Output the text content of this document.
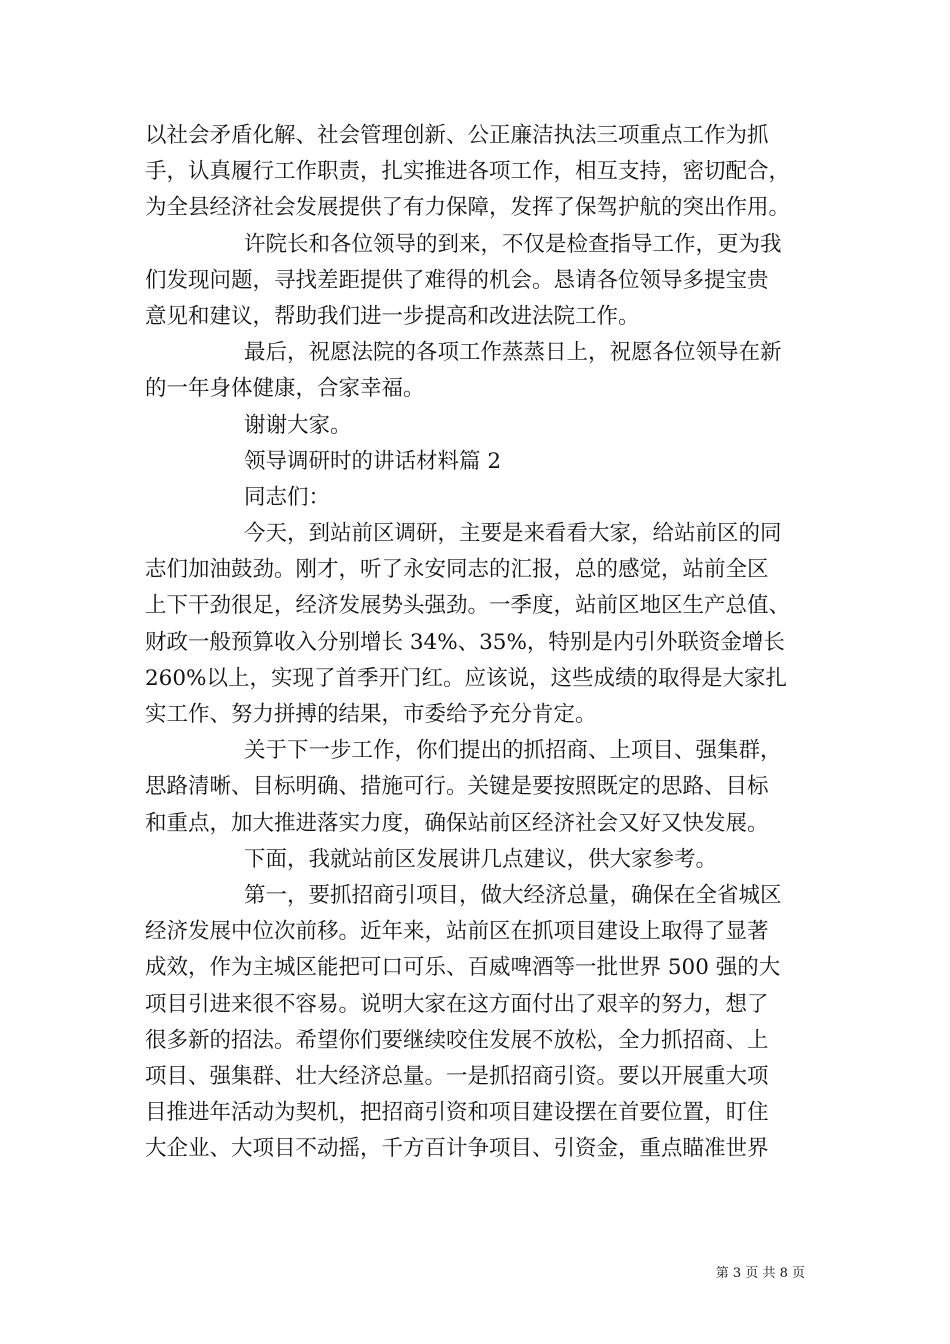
以社会矛盾化解、社会管理创新、公正廉洁执法三项重点工作为抓
手，认真履行工作职责，扎实推进各项工作，相互支持，密切配合，
为全县经济社会发展提供了有力保障，发挥了保驾护航的突出作用。
许院长和各位领导的到来，不仅是检查指导工作，更为我
们发现问题，寻找差距提供了难得的机会。恳请各位领导多提宝贵
意见和建议，帮助我们进一步提高和改进法院工作。
最后，祝愿法院的各项工作蒸蒸日上，祝愿各位领导在新
的一年身体健康，合家幸福。
谢谢大家。
领导调研时的讲话材料篇 2
同志们：
今天，到站前区调研，主要是来看看大家，给站前区的同
志们加油鼓劲。刚才，听了永安同志的汇报，总的感觉，站前全区
上下干劲很足，经济发展势头强劲。一季度，站前区地区生产总值、
财政一般预算收入分别增长 34%、35%，特别是内引外联资金增长
260%以上，实现了首季开门红。应该说，这些成绩的取得是大家扎
实工作、努力拼搏的结果，市委给予充分肯定。
关于下一步工作，你们提出的抓招商、上项目、强集群，
思路清晰、目标明确、措施可行。关键是要按照既定的思路、目标
和重点，加大推进落实力度，确保站前区经济社会又好又快发展。
下面，我就站前区发展讲几点建议，供大家参考。
第一，要抓招商引项目，做大经济总量，确保在全省城区
经济发展中位次前移。近年来，站前区在抓项目建设上取得了显著
成效，作为主城区能把可口可乐、百威啤酒等一批世界 500 强的大
项目引进来很不容易。说明大家在这方面付出了艰辛的努力，想了
很多新的招法。希望你们要继续咬住发展不放松，全力抓招商、上
项目、强集群、壮大经济总量。一是抓招商引资。要以开展重大项
目推进年活动为契机，把招商引资和项目建设摆在首要位置，盯住
大企业、大项目不动摇，千方百计争项目、引资金，重点瞄准世界
第 3 页 共 8 页
